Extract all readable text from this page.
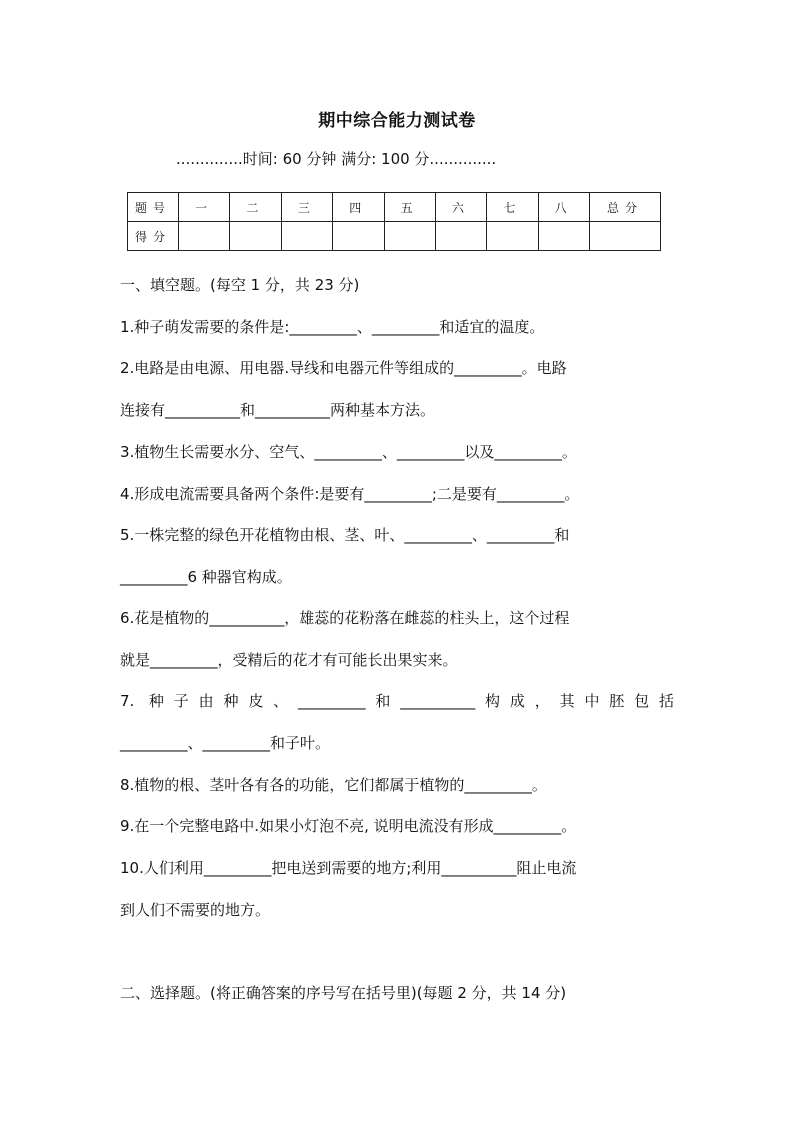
期中综合能力测试卷
..............时间: 60 分钟 满分: 100 分..............
题号	一	二	三	四	五	六	七	八	总分
得分									
一、填空题。(每空 1 分，共 23 分)
1.种子萌发需要的条件是:_________、_________和适宜的温度。
2.电路是由电源、用电器.导线和电器元件等组成的_________。电路
连接有__________和__________两种基本方法。
3.植物生长需要水分、空气、_________、_________以及_________。
4.形成电流需要具备两个条件:是要有_________;二是要有_________。
5.一株完整的绿色开花植物由根、茎、叶、_________、_________和
_________6 种器官构成。
6.花是植物的__________，雄蕊的花粉落在雌蕊的柱头上，这个过程
就是_________，受精后的花才有可能长出果实来。
7. 种子由种皮、_________和__________构成，其中胚包括
_________、_________和子叶。
8.植物的根、茎叶各有各的功能，它们都属于植物的_________。
9.在一个完整电路中.如果小灯泡不亮, 说明电流没有形成_________。
10.人们利用_________把电送到需要的地方;利用__________阻止电流
到人们不需要的地方。
二、选择题。(将正确答案的序号写在括号里)(每题 2 分，共 14 分)
